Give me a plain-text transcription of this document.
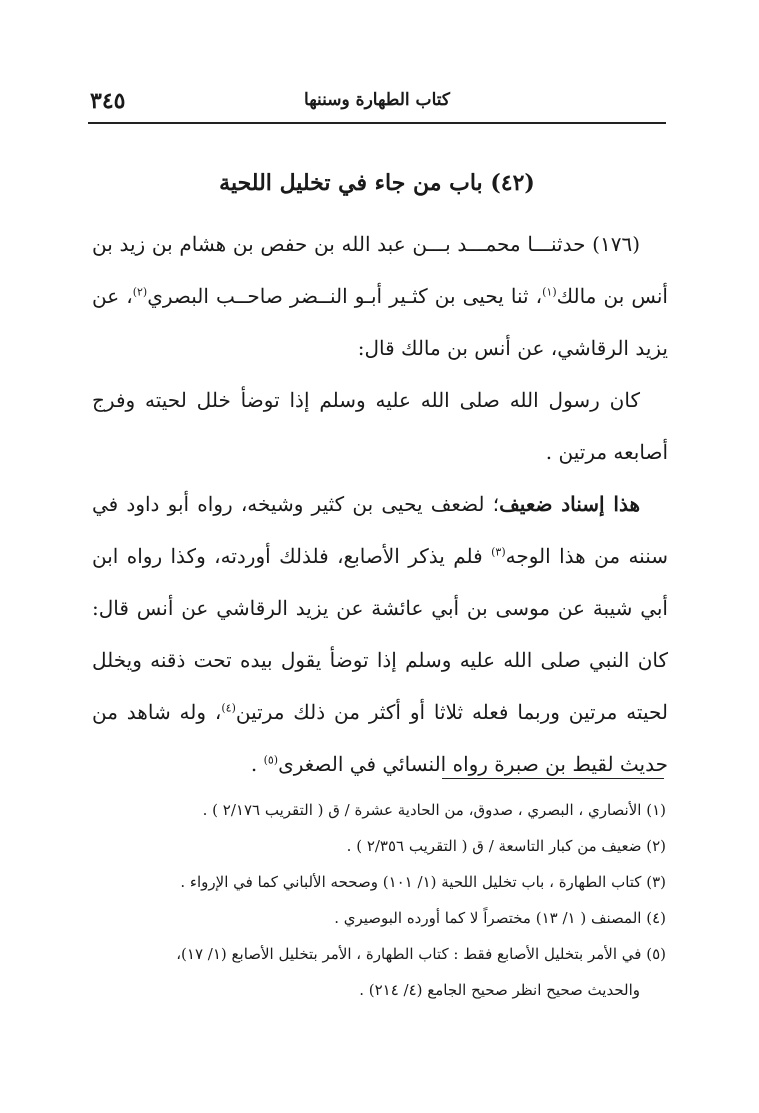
كتاب الطهارة وسننها
٣٤٥
(٤٢) باب من جاء في تخليل اللحية

(١٧٦) حدثنـــا محمـــد بـــن عبد الله بن حفص بن هشام بن زيد بن أنس بن مالك$^{(١)}$، ثنا يحيى بن كثـير أبـو النــضر صاحــب البصري$^{(٢)}$، عن يزيد الرقاشي، عن أنس بن مالك قال:

كان رسول الله صلى الله عليه وسلم إذا توضأ خلل لحيته وفرج أصابعه مرتين .

هذا إسناد ضعيف؛ لضعف يحيى بن كثير وشيخه، رواه أبو داود في سننه من هذا الوجه$^{(٣)}$ فلم يذكر الأصابع، فلذلك أوردته، وكذا رواه ابن أبي شيبة عن موسى بن أبي عائشة عن يزيد الرقاشي عن أنس قال: كان النبي صلى الله عليه وسلم إذا توضأ يقول بيده تحت ذقنه ويخلل لحيته مرتين وربما فعله ثلاثا أو أكثر من ذلك مرتين$^{(٤)}$، وله شاهد من حديث لقيط بن صبرة رواه النسائي في الصغرى$^{(٥)}$ .

(١) الأنصاري ، البصري ، صدوق، من الحادية عشرة / ق ( التقريب ٢/١٧٦ ) .

(٢) ضعيف من كبار التاسعة / ق ( التقريب ٢/٣٥٦ ) .

(٣) كتاب الطهارة ، باب تخليل اللحية (١/ ١٠١) وصححه الألباني كما في الإرواء .

(٤) المصنف ( ١/ ١٣) مختصراً لا كما أورده البوصيري .

(٥) في الأمر بتخليل الأصابع فقط : كتاب الطهارة ، الأمر بتخليل الأصابع (١/ ١٧)،

والحديث صحيح انظر صحيح الجامع (٤/ ٢١٤) .
